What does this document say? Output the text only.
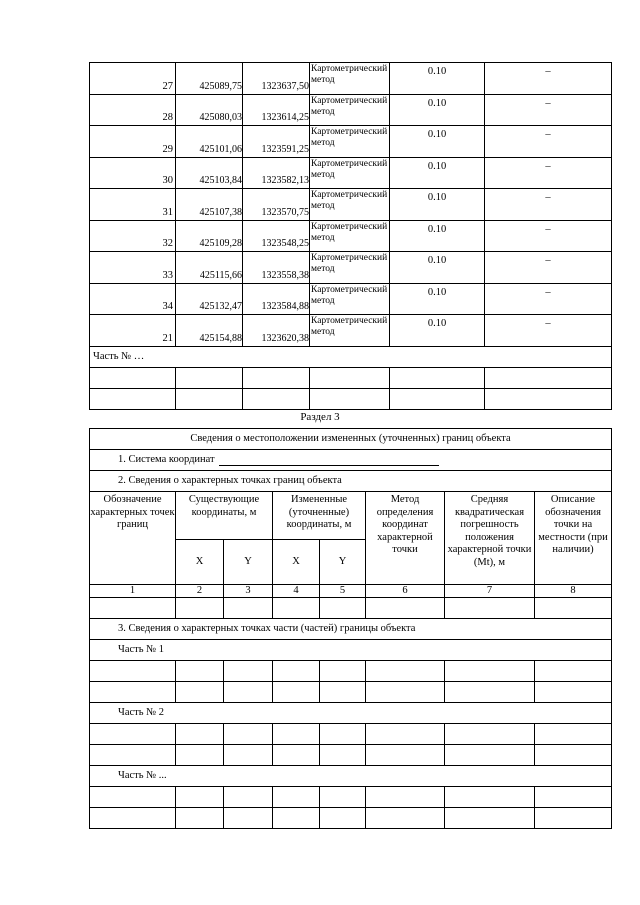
27	425089,75	1323637,50	Картометрический метод	0.10	–
28	425080,03	1323614,25	Картометрический метод	0.10	–
29	425101,06	1323591,25	Картометрический метод	0.10	–
30	425103,84	1323582,13	Картометрический метод	0.10	–
31	425107,38	1323570,75	Картометрический метод	0.10	–
32	425109,28	1323548,25	Картометрический метод	0.10	–
33	425115,66	1323558,38	Картометрический метод	0.10	–
34	425132,47	1323584,88	Картометрический метод	0.10	–
21	425154,88	1323620,38	Картометрический метод	0.10	–
Часть № …					

Раздел 3
Сведения о местоположении измененных (уточненных) границ объекта							
1. Система координат							
2. Сведения о характерных точках границ объекта							
Обозначение характерных точек границ	Существующие координаты, м		Измененные (уточненные) координаты, м		Метод определения координат характерной точки	Средняя квадратическая погрешность положения характерной точки (Mt), м	Описание обозначения точки на местности (при наличии)
	X	Y	X	Y			
1	2	3	4	5	6	7	8

3. Сведения о характерных точках части (частей) границы объекта							
Часть № 1							

Часть № 2							

Часть № ...							
